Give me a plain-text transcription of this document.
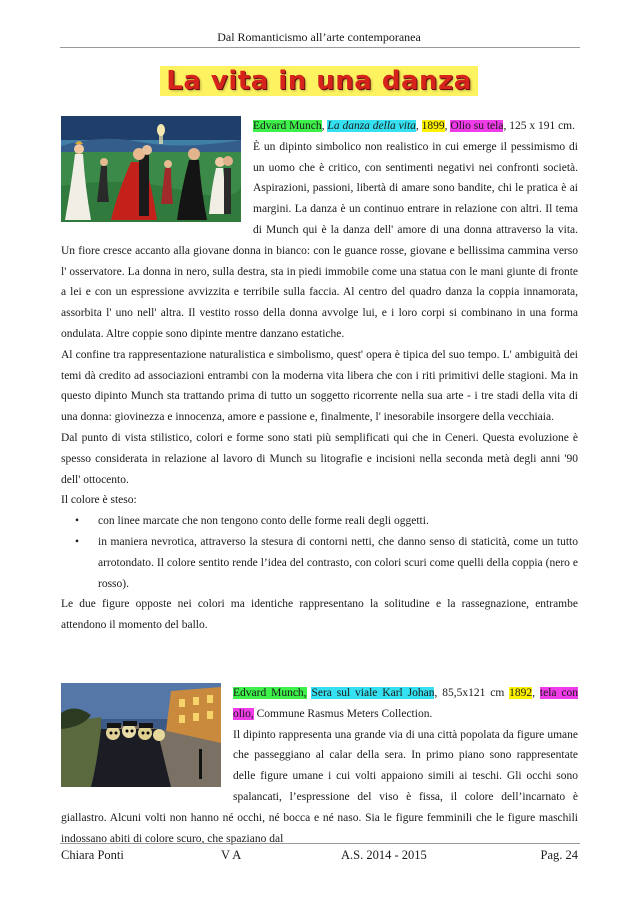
Dal Romanticismo all’arte contemporanea
La vita in una danza
Edvard Munch, La danza della vita, 1899, Olio su tela, 125 x 191 cm.

È un dipinto simbolico non realistico in cui emerge il pessimismo di un uomo che è critico, con sentimenti negativi nei confronti società. Aspirazioni, passioni, libertà di amare sono bandite, chi le pratica è ai margini. La danza è un continuo entrare in relazione con altri. Il tema di Munch qui è la danza dell' amore di una donna attraverso la vita. Un fiore cresce accanto alla giovane donna in bianco: con le guance rosse, giovane e bellissima cammina verso l' osservatore. La donna in nero, sulla destra, sta in piedi immobile come una statua con le mani giunte di fronte a lei e con un espressione avvizzita e terribile sulla faccia. Al centro del quadro danza la coppia innamorata, assorbita l' uno nell' altra. Il vestito rosso della donna avvolge lui, e i loro corpi si combinano in una forma ondulata. Altre coppie sono dipinte mentre danzano estatiche.

Al confine tra rappresentazione naturalistica e simbolismo, quest' opera è tipica del suo tempo. L' ambiguità dei temi dà credito ad associazioni entrambi con la moderna vita libera che con i riti primitivi delle stagioni. Ma in questo dipinto Munch sta trattando prima di tutto un soggetto ricorrente nella sua arte - i tre stadi della vita di una donna: giovinezza e innocenza, amore e passione e, finalmente, l' inesorabile insorgere della vecchiaia.

Dal punto di vista stilistico, colori e forme sono stati più semplificati qui che in Ceneri. Questa evoluzione è spesso considerata in relazione al lavoro di Munch su litografie e incisioni nella seconda metà degli anni '90 dell' ottocento.

Il colore è steso:

• con linee marcate che non tengono conto delle forme reali degli oggetti.
• in maniera nevrotica, attraverso la stesura di contorni netti, che danno senso di staticità, come un tutto arrotondato. Il colore sentito rende l’idea del contrasto, con colori scuri come quelli della coppia (nero e rosso).

Le due figure opposte nei colori ma identiche rappresentano la solitudine e la rassegnazione, entrambe attendono il momento del ballo.

Edvard Munch, Sera sul viale Karl Johan, 85,5x121 cm 1892, tela con olio, Commune Rasmus Meters Collection.

Il dipinto rappresenta una grande via di una città popolata da figure umane che passeggiano al calar della sera. In primo piano sono rappresentate delle figure umane i cui volti appaiono simili ai teschi. Gli occhi sono spalancati, l’espressione del viso è fissa, il colore dell’incarnato è giallastro. Alcuni volti non hanno né occhi, né bocca e né naso. Sia le figure femminili che le figure maschili indossano abiti di colore scuro, che spaziano dal

Chiara Ponti	V A	A.S. 2014 - 2015	Pag. 24
